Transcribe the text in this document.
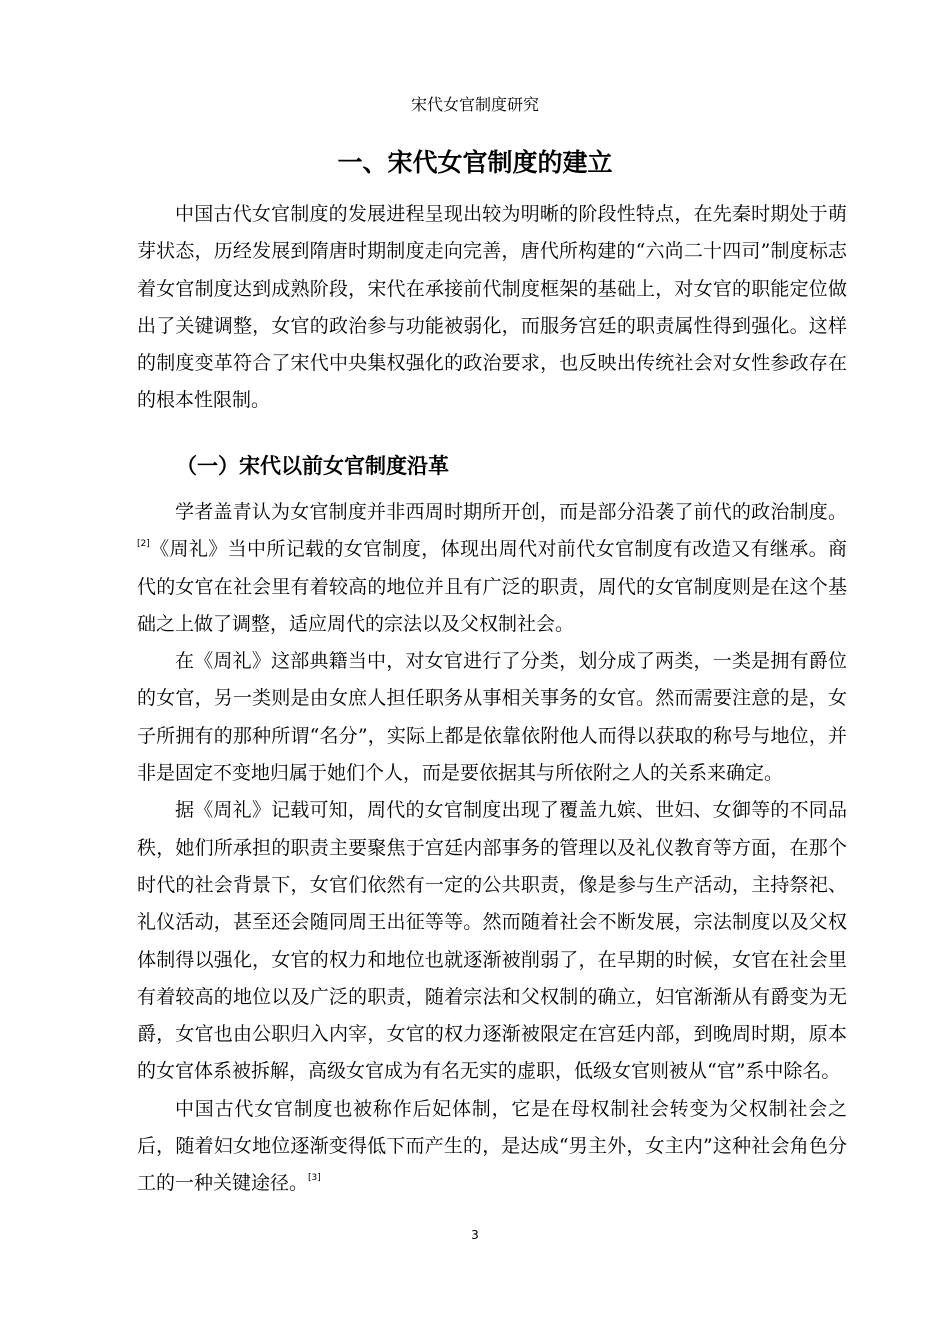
宋代女官制度研究
一、宋代女官制度的建立

中国古代女官制度的发展进程呈现出较为明晰的阶段性特点，在先秦时期处于萌芽状态，历经发展到隋唐时期制度走向完善，唐代所构建的“六尚二十四司”制度标志着女官制度达到成熟阶段，宋代在承接前代制度框架的基础上，对女官的职能定位做出了关键调整，女官的政治参与功能被弱化，而服务宫廷的职责属性得到强化。这样的制度变革符合了宋代中央集权强化的政治要求，也反映出传统社会对女性参政存在的根本性限制。

（一）宋代以前女官制度沿革

学者盖青认为女官制度并非西周时期所开创，而是部分沿袭了前代的政治制度。[2]《周礼》当中所记载的女官制度，体现出周代对前代女官制度有改造又有继承。商代的女官在社会里有着较高的地位并且有广泛的职责，周代的女官制度则是在这个基础之上做了调整，适应周代的宗法以及父权制社会。

在《周礼》这部典籍当中，对女官进行了分类，划分成了两类，一类是拥有爵位的女官，另一类则是由女庶人担任职务从事相关事务的女官。然而需要注意的是，女子所拥有的那种所谓“名分”，实际上都是依靠依附他人而得以获取的称号与地位，并非是固定不变地归属于她们个人，而是要依据其与所依附之人的关系来确定。

据《周礼》记载可知，周代的女官制度出现了覆盖九嫔、世妇、女御等的不同品秩，她们所承担的职责主要聚焦于宫廷内部事务的管理以及礼仪教育等方面，在那个时代的社会背景下，女官们依然有一定的公共职责，像是参与生产活动，主持祭祀、礼仪活动，甚至还会随同周王出征等等。然而随着社会不断发展，宗法制度以及父权体制得以强化，女官的权力和地位也就逐渐被削弱了，在早期的时候，女官在社会里有着较高的地位以及广泛的职责，随着宗法和父权制的确立，妇官渐渐从有爵变为无爵，女官也由公职归入内宰，女官的权力逐渐被限定在宫廷内部，到晚周时期，原本的女官体系被拆解，高级女官成为有名无实的虚职，低级女官则被从“官”系中除名。

中国古代女官制度也被称作后妃体制，它是在母权制社会转变为父权制社会之后，随着妇女地位逐渐变得低下而产生的，是达成“男主外，女主内”这种社会角色分工的一种关键途径。[3]

3
